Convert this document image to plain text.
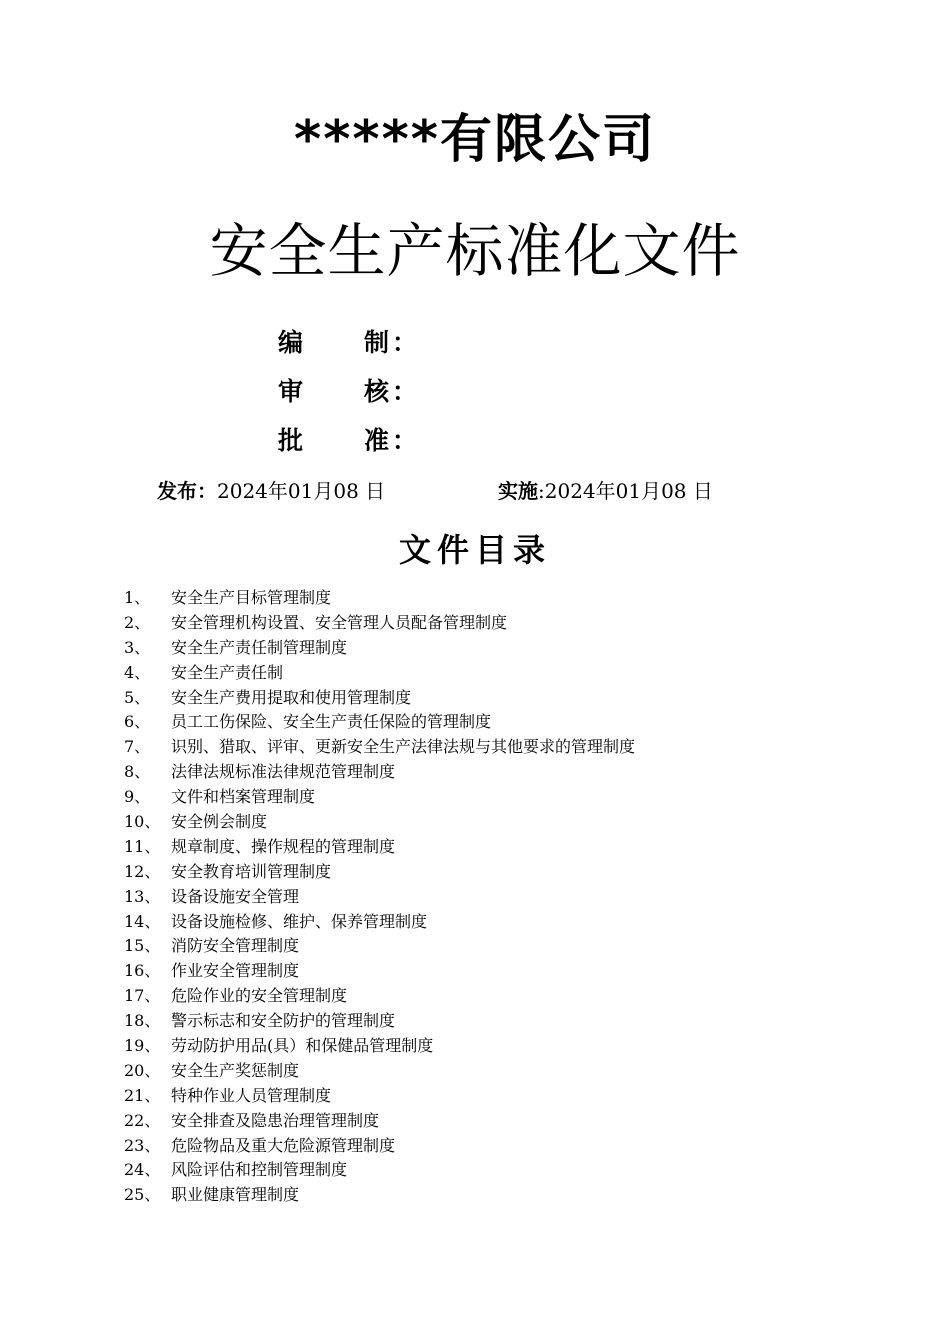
*****有限公司
安全生产标准化文件
编 制 ：
审 核 ：
批 准 ：
发布：2024年01月08 日	实施:2024年01月08 日
文件目录
1、 安全生产目标管理制度
2、 安全管理机构设置、安全管理人员配备管理制度
3、 安全生产责任制管理制度
4、 安全生产责任制
5、 安全生产费用提取和使用管理制度
6、 员工工伤保险、安全生产责任保险的管理制度
7、 识别、猎取、评审、更新安全生产法律法规与其他要求的管理制度
8、 法律法规标准法律规范管理制度
9、 文件和档案管理制度
10、 安全例会制度
11、 规章制度、操作规程的管理制度
12、 安全教育培训管理制度
13、 设备设施安全管理
14、 设备设施检修、维护、保养管理制度
15、 消防安全管理制度
16、 作业安全管理制度
17、 危险作业的安全管理制度
18、 警示标志和安全防护的管理制度
19、 劳动防护用品(具）和保健品管理制度
20、 安全生产奖惩制度
21、 特种作业人员管理制度
22、 安全排查及隐患治理管理制度
23、 危险物品及重大危险源管理制度
24、 风险评估和控制管理制度
25、 职业健康管理制度
